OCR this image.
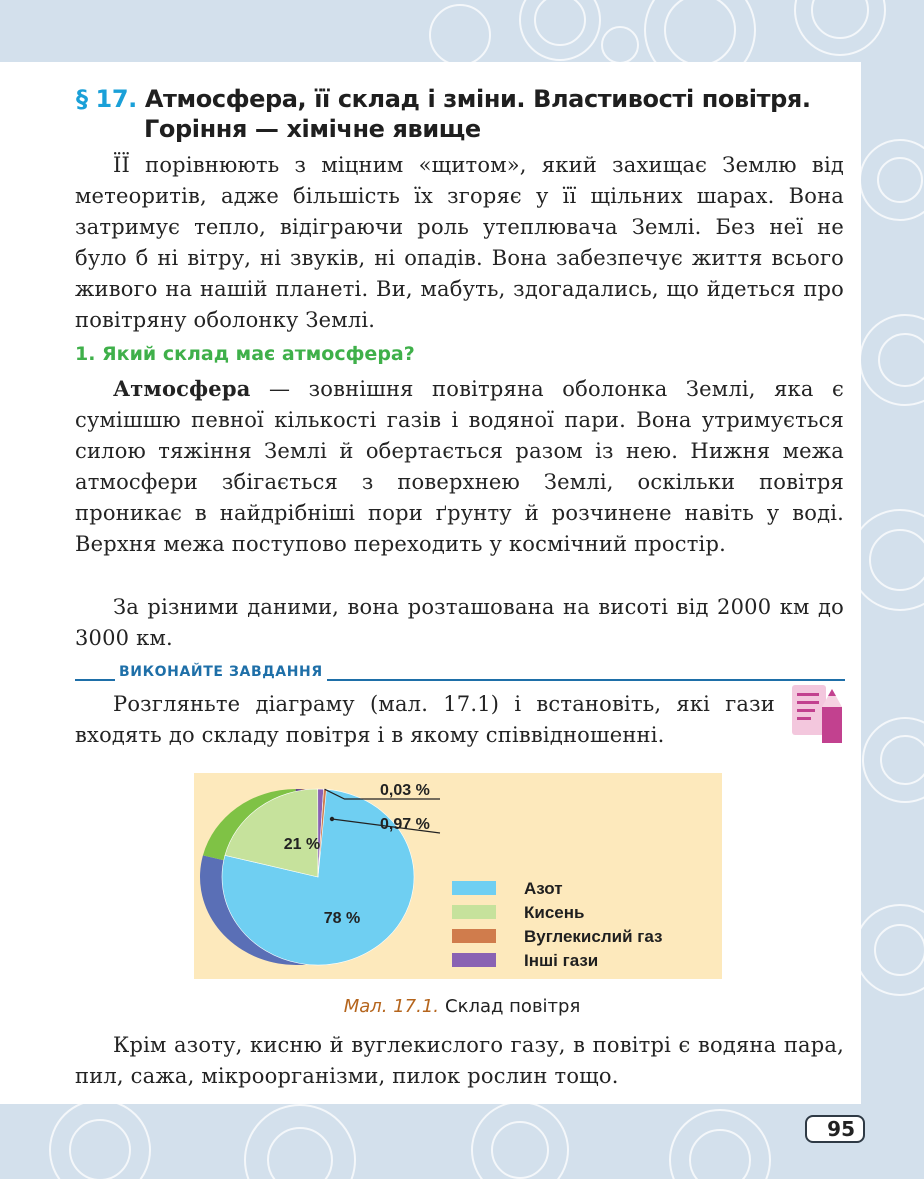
§ 17. Атмосфера, її склад і зміни. Властивості повітря.
Горіння — хімічне явище
ЇЇ порівнюють з міцним «щитом», який захищає Землю від метеоритів, адже більшість їх згоряє у її щільних шарах. Вона затримує тепло, відіграючи роль утеплювача Землі. Без неї не було б ні вітру, ні звуків, ні опадів. Вона забезпечує життя всього живого на нашій планеті. Ви, мабуть, здогадались, що йдеться про повітряну оболонку Землі.
1. Який склад має атмосфера?
Атмосфера — зовнішня повітряна оболонка Землі, яка є сумішшю певної кількості газів і водяної пари. Вона утримується силою тяжіння Землі й обертається разом із нею. Нижня межа атмосфери збігається з поверхнею Землі, оскільки повітря проникає в найдрібніші пори ґрунту й розчинене навіть у воді. Верхня межа поступово переходить у космічний простір.
За різними даними, вона розташована на висоті від 2000 км до 3000 км.
ВИКОНАЙТЕ ЗАВДАННЯ
Розгляньте діаграму (мал. 17.1) і встановіть, які гази входять до складу повітря і в якому співвідношенні.
78 %
21 %
0,03 %
0,97 %
Азот
Кисень
Вуглекислий газ
Інші гази
Мал. 17.1. Склад повітря
Крім азоту, кисню й вуглекислого газу, в повітрі є водяна пара, пил, сажа, мікроорганізми, пилок рослин тощо.
95
